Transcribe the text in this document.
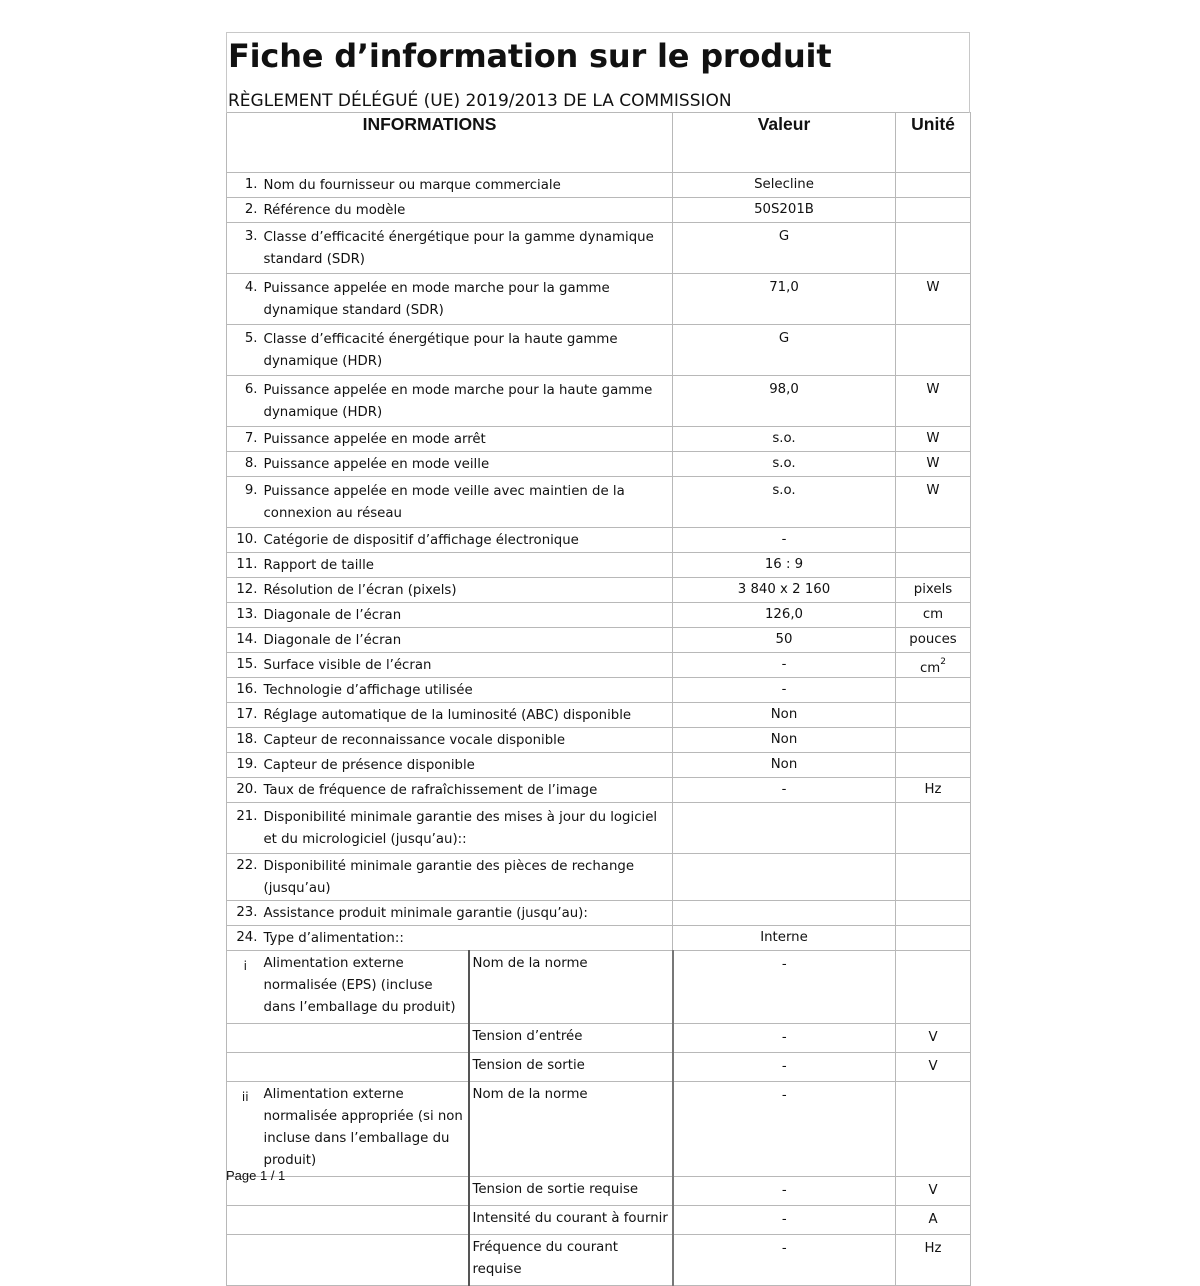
Fiche d’information sur le produit
RÈGLEMENT DÉLÉGUÉ (UE) 2019/2013 DE LA COMMISSION
INFORMATIONS			Valeur	Unité

1.	Nom du fournisseur ou marque commerciale		Selecline	
2.	Référence du modèle		50S201B	
3.	Classe d’efficacité énergétique pour la gamme dynamique standard (SDR)		G	
4.	Puissance appelée en mode marche pour la gamme dynamique standard (SDR)		71,0	W
5.	Classe d’efficacité énergétique pour la haute gamme dynamique (HDR)		G	
6.	Puissance appelée en mode marche pour la haute gamme dynamique (HDR)		98,0	W
7.	Puissance appelée en mode arrêt		s.o.	W
8.	Puissance appelée en mode veille		s.o.	W
9.	Puissance appelée en mode veille avec maintien de la connexion au réseau		s.o.	W
10.	Catégorie de dispositif d’affichage électronique		-	
11.	Rapport de taille		16 : 9	
12.	Résolution de l’écran (pixels)		3 840 x 2 160	pixels
13.	Diagonale de l’écran		126,0	cm
14.	Diagonale de l’écran		50	pouces
15.	Surface visible de l’écran		-	$cm^2$
16.	Technologie d’affichage utilisée		-	
17.	Réglage automatique de la luminosité (ABC) disponible		Non	
18.	Capteur de reconnaissance vocale disponible		Non	
19.	Capteur de présence disponible		Non	
20.	Taux de fréquence de rafraîchissement de l’image		-	Hz
21.	Disponibilité minimale garantie des mises à jour du logiciel et du micrologiciel (jusqu’au)::			
22.	Disponibilité minimale garantie des pièces de rechange (jusqu’au)			
23.	Assistance produit minimale garantie (jusqu’au):			
24.	Type d’alimentation::		Interne	
i	Alimentation externe normalisée (EPS) (incluse dans l’emballage du produit)	Nom de la norme	-	
		Tension d’entrée	-	V
		Tension de sortie	-	V
ii	Alimentation externe normalisée appropriée (si non incluse dans l’emballage du produit)	Nom de la norme	-	
		Tension de sortie requise	-	V
		Intensité du courant à fournir	-	A
		Fréquence du courant requise	-	Hz
Page 1 / 1
